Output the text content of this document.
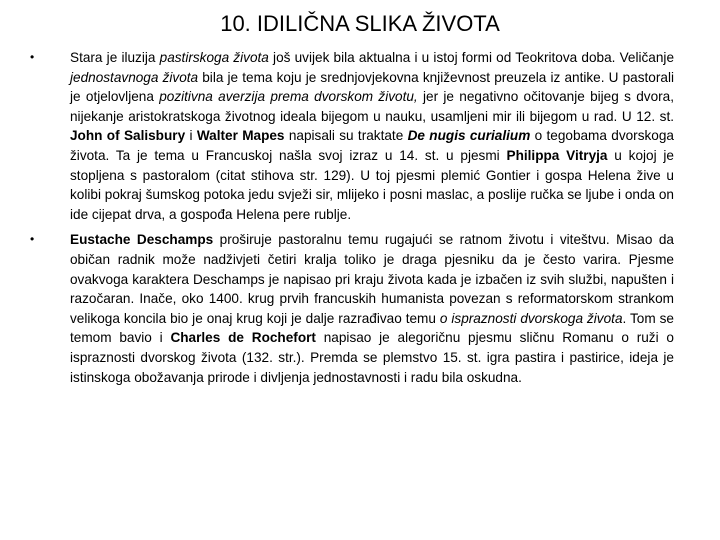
10. IDILIČNA SLIKA ŽIVOTA
•	Stara je iluzija pastirskoga života još uvijek bila aktualna i u istoj formi od Teokritova doba. Veličanje jednostavnoga života bila je tema koju je srednjovjekovna književnost preuzela iz antike. U pastorali je otjelovljena pozitivna averzija prema dvorskom životu, jer je negativno očitovanje bijeg s dvora, nijekanje aristokratskoga životnog ideala bijegom u nauku, usamljeni mir ili bijegom u rad. U 12. st. John of Salisbury i Walter Mapes napisali su traktate De nugis curialium o tegobama dvorskoga života. Ta je tema u Francuskoj našla svoj izraz u 14. st. u pjesmi Philippa Vitryja u kojoj je stopljena s pastoralom (citat stihova str. 129). U toj pjesmi plemić Gontier i gospa Helena žive u kolibi pokraj šumskog potoka jedu svježi sir, mlijeko i posni maslac, a poslije ručka se ljube i onda on ide cijepat drva, a gospođa Helena pere rublje.
•	Eustache Deschamps proširuje pastoralnu temu rugajući se ratnom životu i viteštvu. Misao da običan radnik može nadživjeti četiri kralja toliko je draga pjesniku da je često varira. Pjesme ovakvoga karaktera Deschamps je napisao pri kraju života kada je izbačen iz svih službi, napušten i razočaran. Inače, oko 1400. krug prvih francuskih humanista povezan s reformatorskom strankom velikoga koncila bio je onaj krug koji je dalje razrađivao temu o ispraznosti dvorskoga života. Tom se temom bavio i Charles de Rochefort napisao je alegoričnu pjesmu sličnu Romanu o ruži o ispraznosti dvorskog života (132. str.). Premda se plemstvo 15. st. igra pastira i pastirice, ideja je istinskoga obožavanja prirode i divljenja jednostavnosti i radu bila oskudna.
